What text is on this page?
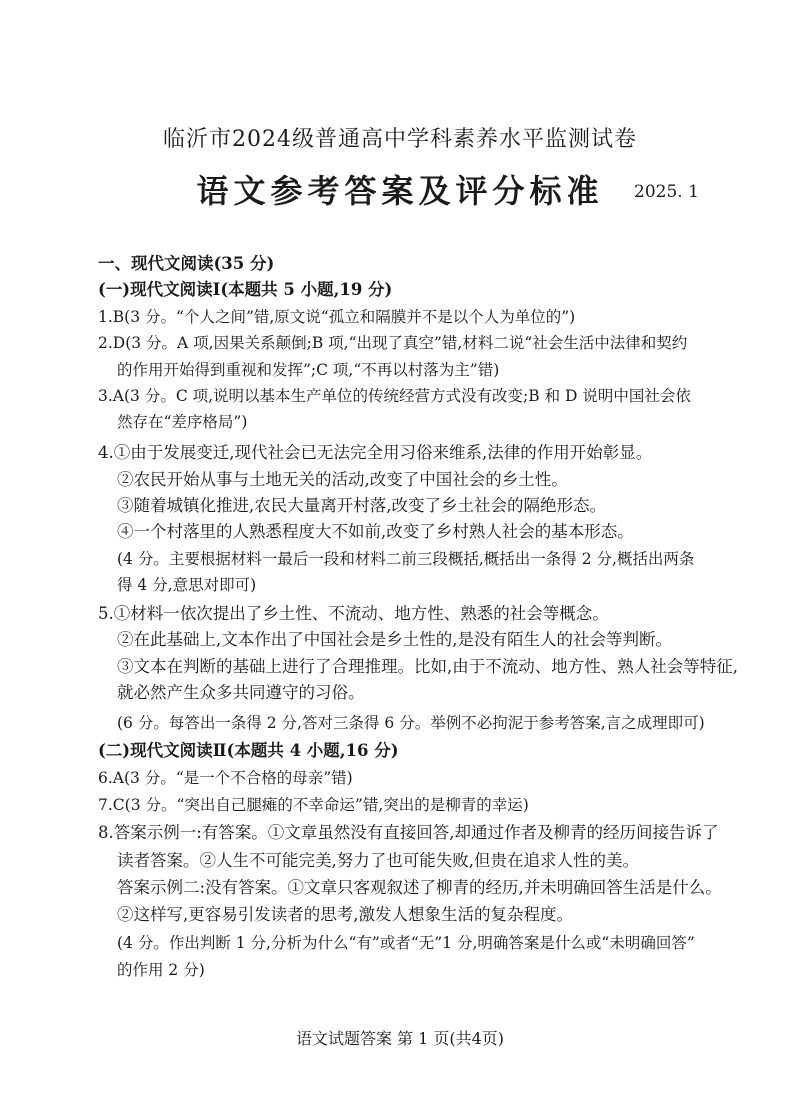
临沂市2024级普通高中学科素养水平监测试卷
语文参考答案及评分标准	2025. 1
一、现代文阅读(35 分)
(一)现代文阅读Ⅰ(本题共 5 小题,19 分)
1.B(3 分。“个人之间”错,原文说“孤立和隔膜并不是以个人为单位的”)
2.D(3 分。A 项,因果关系颠倒;B 项,“出现了真空”错,材料二说“社会生活中法律和契约
的作用开始得到重视和发挥”;C 项,“不再以村落为主”错)
3.A(3 分。C 项,说明以基本生产单位的传统经营方式没有改变;B 和 D 说明中国社会依
然存在“差序格局”)
4.①由于发展变迁,现代社会已无法完全用习俗来维系,法律的作用开始彰显。
②农民开始从事与土地无关的活动,改变了中国社会的乡土性。
③随着城镇化推进,农民大量离开村落,改变了乡土社会的隔绝形态。
④一个村落里的人熟悉程度大不如前,改变了乡村熟人社会的基本形态。
(4 分。主要根据材料一最后一段和材料二前三段概括,概括出一条得 2 分,概括出两条
得 4 分,意思对即可)
5.①材料一依次提出了乡土性、不流动、地方性、熟悉的社会等概念。
②在此基础上,文本作出了中国社会是乡土性的,是没有陌生人的社会等判断。
③文本在判断的基础上进行了合理推理。比如,由于不流动、地方性、熟人社会等特征,
就必然产生众多共同遵守的习俗。
(6 分。每答出一条得 2 分,答对三条得 6 分。举例不必拘泥于参考答案,言之成理即可)
(二)现代文阅读Ⅱ(本题共 4 小题,16 分)
6.A(3 分。“是一个不合格的母亲”错)
7.C(3 分。“突出自己腿瘫的不幸命运”错,突出的是柳青的幸运)
8.答案示例一:有答案。①文章虽然没有直接回答,却通过作者及柳青的经历间接告诉了
读者答案。②人生不可能完美,努力了也可能失败,但贵在追求人性的美。
答案示例二:没有答案。①文章只客观叙述了柳青的经历,并未明确回答生活是什么。
②这样写,更容易引发读者的思考,激发人想象生活的复杂程度。
(4 分。作出判断 1 分,分析为什么“有”或者“无”1 分,明确答案是什么或“未明确回答”
的作用 2 分)
语文试题答案 第 1 页(共4页)
